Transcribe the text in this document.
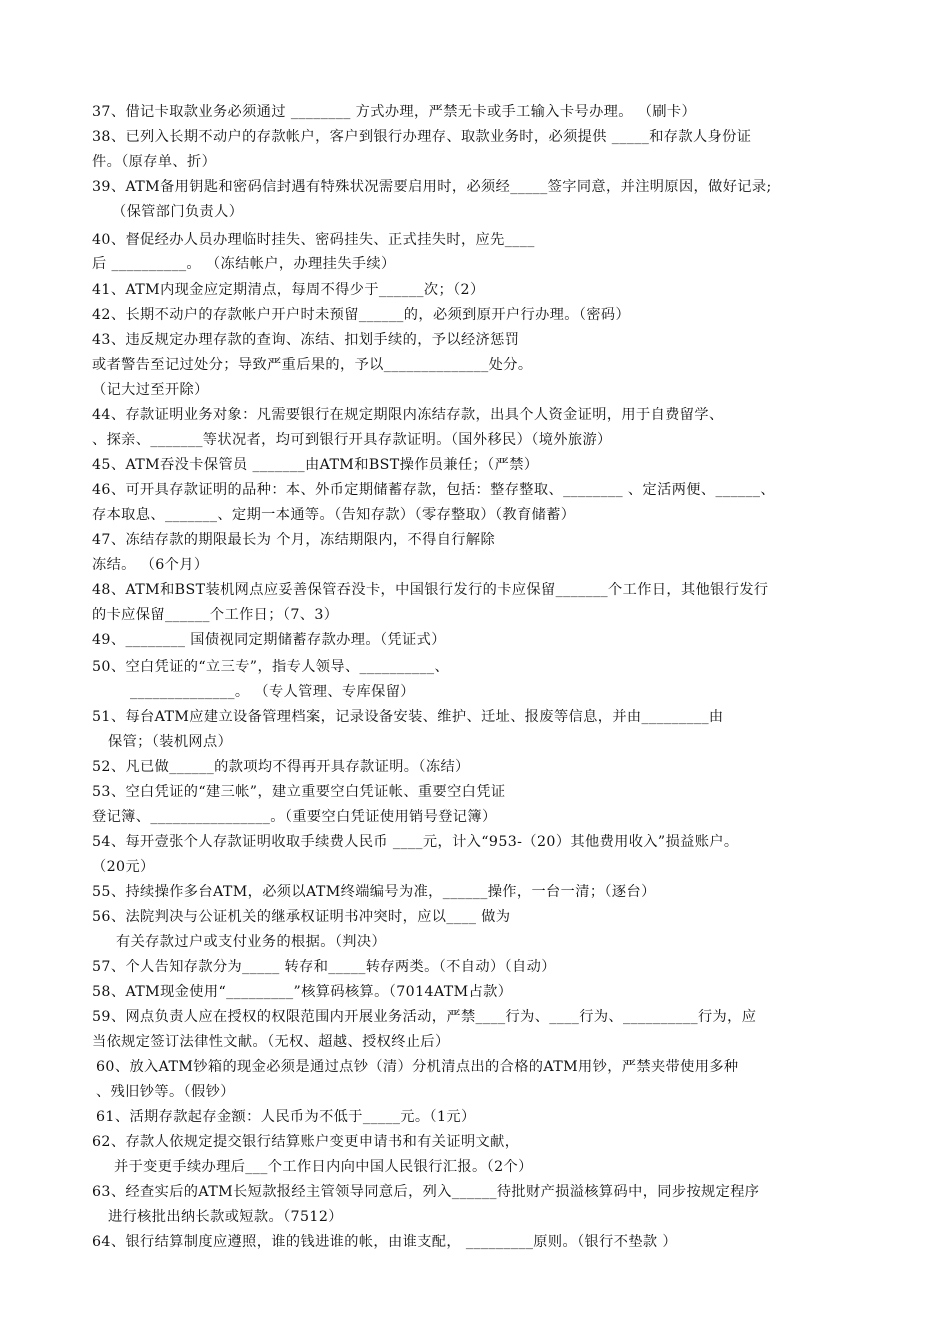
37、借记卡取款业务必须通过 ________ 方式办理，严禁无卡或手工输入卡号办理。 （刷卡）
38、已列入长期不动户的存款帐户，客户到银行办理存、取款业务时，必须提供 _____和存款人身份证
件。（原存单、折）
39、ATM备用钥匙和密码信封遇有特殊状况需要启用时，必须经_____签字同意，并注明原因，做好记录;
（保管部门负责人）
40、督促经办人员办理临时挂失、密码挂失、正式挂失时，应先____
后 __________。 （冻结帐户，办理挂失手续）
41、ATM内现金应定期清点，每周不得少于______次；（2）
42、长期不动户的存款帐户开户时未预留______的，必须到原开户行办理。（密码）
43、违反规定办理存款的查询、冻结、扣划手续的，予以经济惩罚
或者警告至记过处分；导致严重后果的，予以______________处分。
（记大过至开除）
44、存款证明业务对象：凡需要银行在规定期限内冻结存款，出具个人资金证明，用于自费留学、
、探亲、_______等状况者，均可到银行开具存款证明。（国外移民）（境外旅游）
45、ATM吞没卡保管员 _______由ATM和BST操作员兼任；（严禁）
46、可开具存款证明的品种：本、外币定期储蓄存款，包括：整存整取、________ 、定活两便、______、
存本取息、_______、定期一本通等。（告知存款）（零存整取）（教育储蓄）
47、冻结存款的期限最长为 个月，冻结期限内，不得自行解除
冻结。 （6个月）
48、ATM和BST装机网点应妥善保管吞没卡，中国银行发行的卡应保留_______个工作日，其他银行发行
的卡应保留______个工作日；（7、3）
49、________ 国债视同定期储蓄存款办理。（凭证式）
50、空白凭证的“立三专”，指专人领导、__________、
______________。 （专人管理、专库保留）
51、每台ATM应建立设备管理档案，记录设备安装、维护、迁址、报废等信息，并由_________由
保管；（装机网点）
52、凡已做______的款项均不得再开具存款证明。（冻结）
53、空白凭证的“建三帐”，建立重要空白凭证帐、重要空白凭证
登记簿、________________。（重要空白凭证使用销号登记簿）
54、每开壹张个人存款证明收取手续费人民币 ____元，计入“953-（20）其他费用收入”损益账户。
（20元）
55、持续操作多台ATM，必须以ATM终端编号为准，______操作，一台一清；（逐台）
56、法院判决与公证机关的继承权证明书冲突时，应以____ 做为
有关存款过户或支付业务的根据。（判决）
57、个人告知存款分为_____ 转存和_____转存两类。（不自动）（自动）
58、ATM现金使用“_________”核算码核算。（7014ATM占款）
59、网点负责人应在授权的权限范围内开展业务活动，严禁____行为、____行为、__________行为，应
当依规定签订法律性文献。（无权、超越、授权终止后）
60、放入ATM钞箱的现金必须是通过点钞（清）分机清点出的合格的ATM用钞，严禁夹带使用多种
、残旧钞等。（假钞）
61、活期存款起存金额：人民币为不低于_____元。（1元）
62、存款人依规定提交银行结算账户变更申请书和有关证明文献，
并于变更手续办理后___个工作日内向中国人民银行汇报。（2个）
63、经查实后的ATM长短款报经主管领导同意后，列入______待批财产损溢核算码中，同步按规定程序
进行核批出纳长款或短款。（7512）
64、银行结算制度应遵照，谁的钱进谁的帐，由谁支配， _________原则。（银行不垫款 ）
